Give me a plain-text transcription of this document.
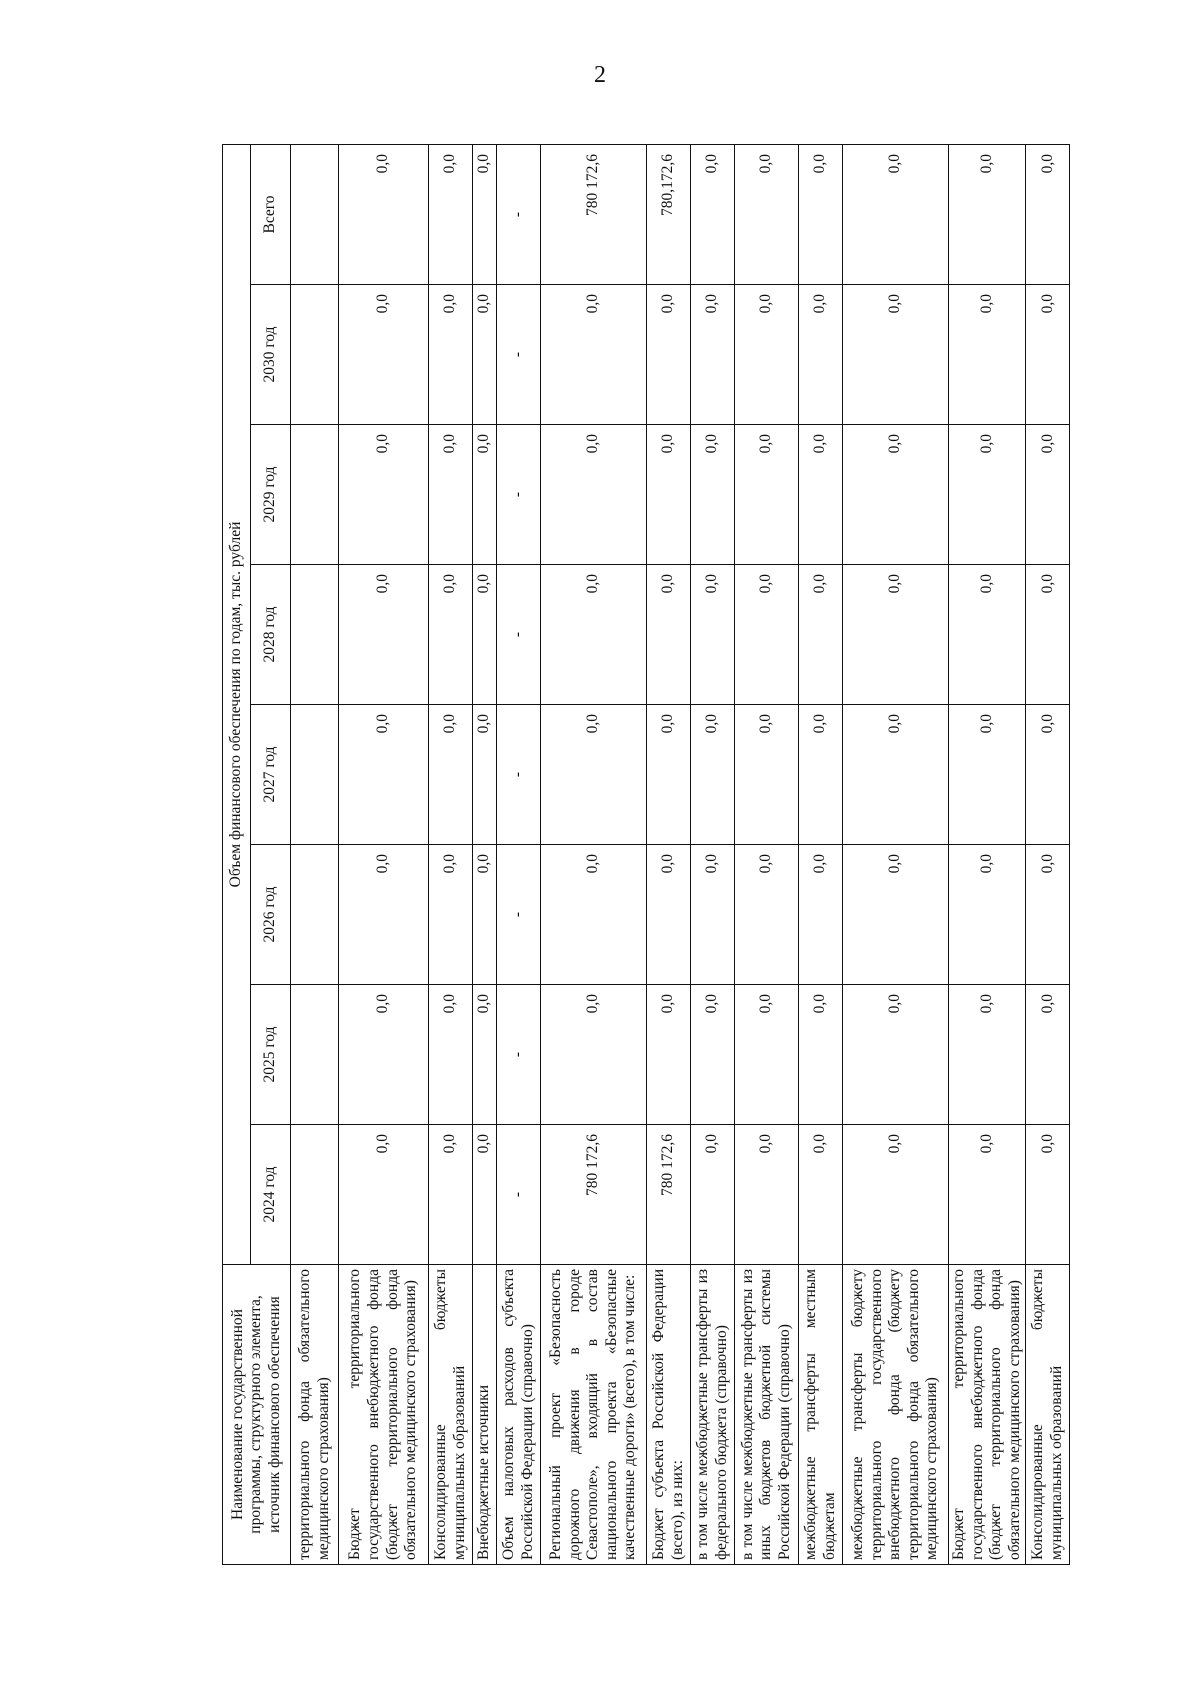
2
Наименование государственной программы, структурного элемента, источник финансового обеспечения	Объем финансового обеспечения по годам, тыс. рублей							
	2024 год	2025 год	2026 год	2027 год	2028 год	2029 год	2030 год	Всего
территориального фонда обязательного медицинского страхования)								
Бюджет территориального государственного внебюджетного фонда (бюджет территориального фонда обязательного медицинского страхования)	0,0	0,0	0,0	0,0	0,0	0,0	0,0	0,0
Консолидированные бюджеты муниципальных образований	0,0	0,0	0,0	0,0	0,0	0,0	0,0	0,0
Внебюджетные источники	0,0	0,0	0,0	0,0	0,0	0,0	0,0	0,0
Объем налоговых расходов субъекта Российской Федерации (справочно)	-	-	-	-	-	-	-	-
Региональный проект «Безопасность дорожного движения в городе Севастополе», входящий в состав национального проекта «Безопасные качественные дороги» (всего), в том числе:	780 172,6	0,0	0,0	0,0	0,0	0,0	0,0	780 172,6
Бюджет субъекта Российской Федерации (всего), из них:	780 172,6	0,0	0,0	0,0	0,0	0,0	0,0	780,172,6
в том числе межбюджетные трансферты из федерального бюджета (справочно)	0,0	0,0	0,0	0,0	0,0	0,0	0,0	0,0
в том числе межбюджетные трансферты из иных бюджетов бюджетной системы Российской Федерации (справочно)	0,0	0,0	0,0	0,0	0,0	0,0	0,0	0,0
межбюджетные трансферты местным бюджетам	0,0	0,0	0,0	0,0	0,0	0,0	0,0	0,0
межбюджетные трансферты бюджету территориального государственного внебюджетного фонда (бюджету территориального фонда обязательного медицинского страхования)	0,0	0,0	0,0	0,0	0,0	0,0	0,0	0,0
Бюджет территориального государственного внебюджетного фонда (бюджет территориального фонда обязательного медицинского страхования)	0,0	0,0	0,0	0,0	0,0	0,0	0,0	0,0
Консолидированные бюджеты муниципальных образований	0,0	0,0	0,0	0,0	0,0	0,0	0,0	0,0
